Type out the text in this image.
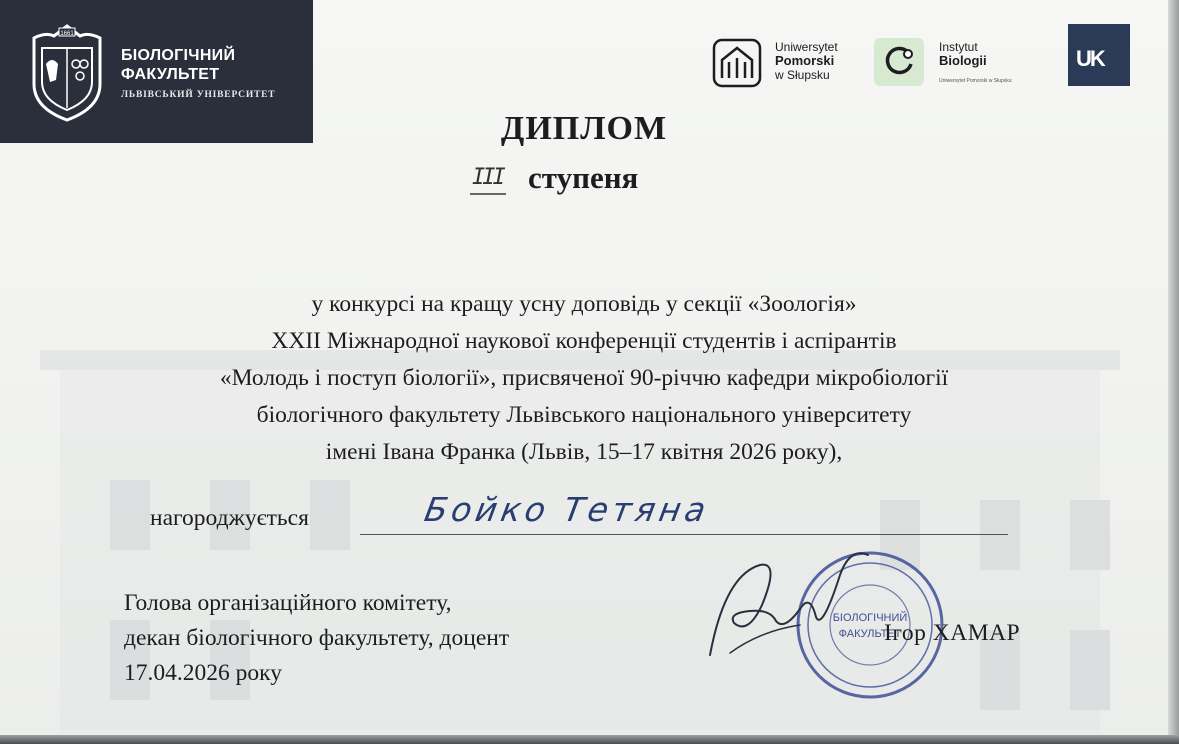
1661
БІОЛОГІЧНИЙ
ФАКУЛЬТЕТ
ЛЬВІВСЬКИЙ УНІВЕРСИТЕТ
Uniwersytet
Pomorski
w Słupsku
Instytut
Biologii
Uniwersytet Pomorski w Słupsku
UK
ДИПЛОМ
III ступеня
у конкурсі на кращу усну доповідь у секції «Зоологія»
XXII Міжнародної наукової конференції студентів і аспірантів
«Молодь і поступ біології», присвяченої 90-річчю кафедри мікробіології
біологічного факультету Львівського національного університету
імені Івана Франка (Львів, 15–17 квітня 2026 року),
нагороджується	Бойко Тетяна
Голова організаційного комітету,
декан біологічного факультету, доцент
17.04.2026 року
БІОЛОГІЧНИЙ
ФАКУЛЬТЕТ
Ігор ХАМАР
